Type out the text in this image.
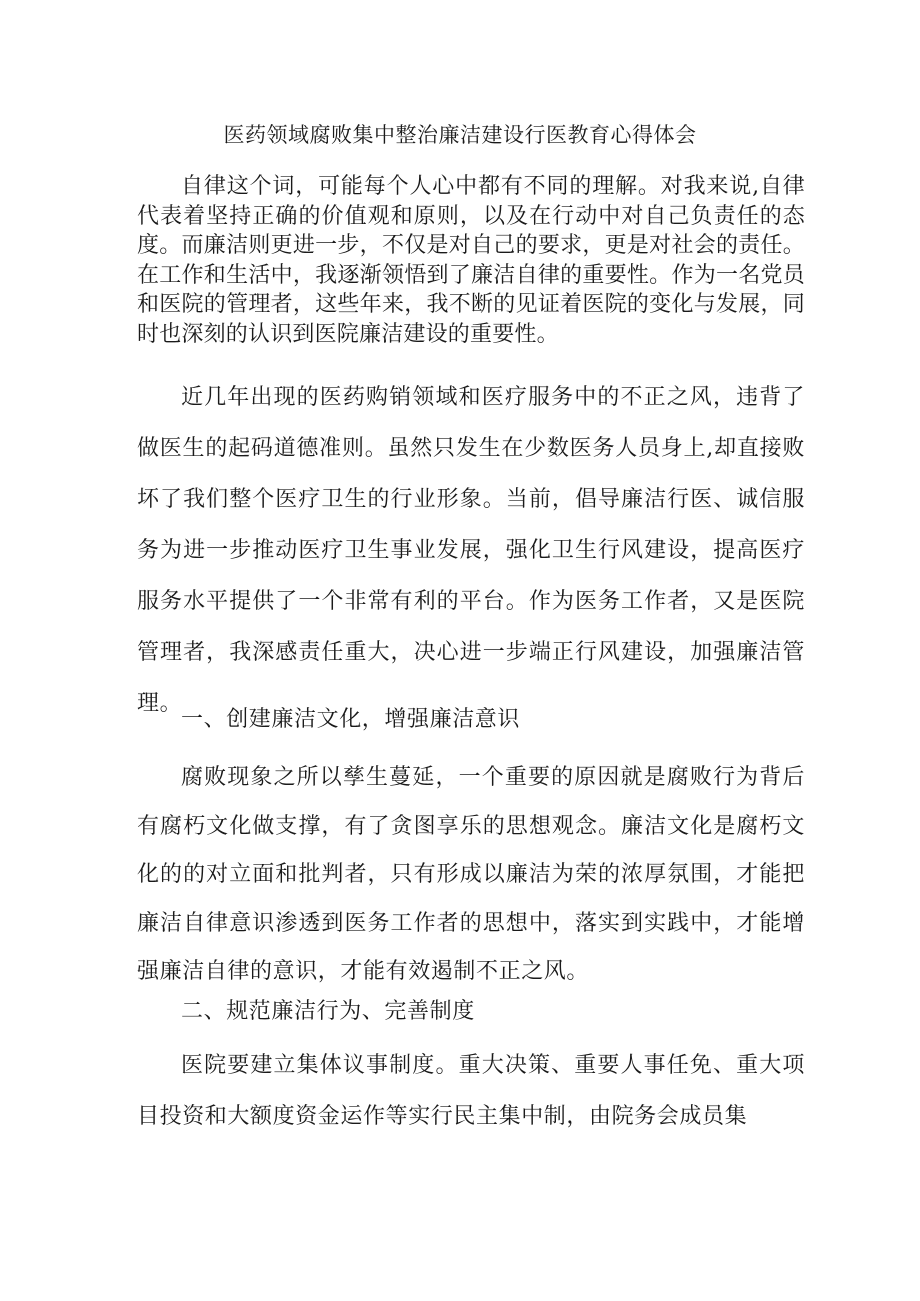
医药领域腐败集中整治廉洁建设行医教育心得体会

自律这个词，可能每个人心中都有不同的理解。对我来说,自律代表着坚持正确的价值观和原则，以及在行动中对自己负责任的态度。而廉洁则更进一步，不仅是对自己的要求，更是对社会的责任。在工作和生活中，我逐渐领悟到了廉洁自律的重要性。作为一名党员和医院的管理者，这些年来，我不断的见证着医院的变化与发展，同时也深刻的认识到医院廉洁建设的重要性。

近几年出现的医药购销领域和医疗服务中的不正之风，违背了做医生的起码道德准则。虽然只发生在少数医务人员身上,却直接败坏了我们整个医疗卫生的行业形象。当前，倡导廉洁行医、诚信服务为进一步推动医疗卫生事业发展，强化卫生行风建设，提高医疗服务水平提供了一个非常有利的平台。作为医务工作者，又是医院管理者，我深感责任重大，决心进一步端正行风建设，加强廉洁管理。

一、创建廉洁文化，增强廉洁意识

腐败现象之所以孳生蔓延，一个重要的原因就是腐败行为背后有腐朽文化做支撑，有了贪图享乐的思想观念。廉洁文化是腐朽文化的的对立面和批判者，只有形成以廉洁为荣的浓厚氛围，才能把廉洁自律意识渗透到医务工作者的思想中，落实到实践中，才能增强廉洁自律的意识，才能有效遏制不正之风。

二、规范廉洁行为、完善制度

医院要建立集体议事制度。重大决策、重要人事任免、重大项目投资和大额度资金运作等实行民主集中制，由院务会成员集
